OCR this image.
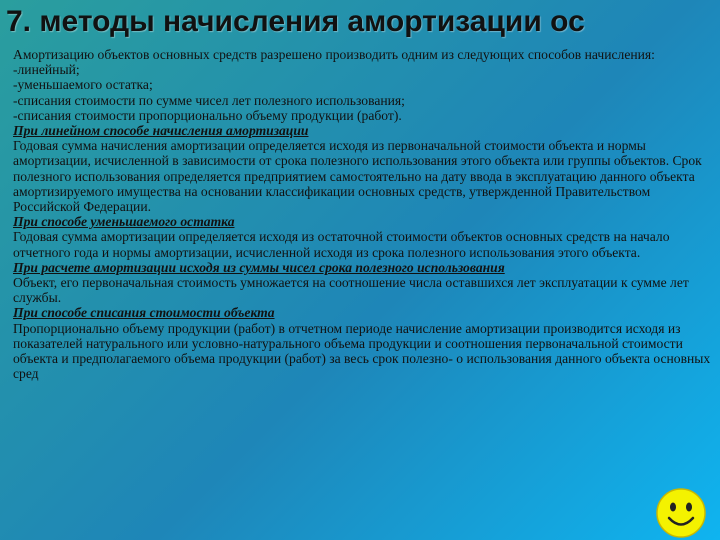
7. методы начисления амортизации ос

Амортизацию объектов основных средств разрешено производить одним из следующих способов начисления:

-линейный;

-уменьшаемого остатка;

-списания стоимости по сумме чисел лет полезного использования;

-списания стоимости пропорционально объему продукции (работ).

При линейном способе начисления амортизации

Годовая сумма начисления амортизации определяется исходя из первоначальной стоимости объекта и нормы амортизации, исчисленной в зависимости от срока полезного использования этого объекта или группы объектов. Срок полезного использования определяется предприятием самостоятельно на дату ввода в эксплуатацию данного объекта амортизируемого имущества на основании классификации основных средств, утвержденной Правительством Российской Федерации.

При способе уменьшаемого остатка

Годовая сумма амортизации определяется исходя из остаточной стоимости объектов основных средств на начало отчетного года и нормы амортизации, исчисленной исходя из срока полезного использования этого объекта.

При расчете амортизации исходя из суммы чисел срока полезного использования

Объект, его первоначальная стоимость умножается на соотношение числа оставшихся лет эксплуатации к сумме лет службы.

При способе списания стоимости объекта

Пропорционально объему продукции (работ) в отчетном периоде начисление амортизации производится исходя из показателей натурального или условно-натурального объема продукции и соотношения первоначальной стоимости объекта и предполагаемого объема продукции (работ) за весь срок полезно- о использования данного объекта основных сред
